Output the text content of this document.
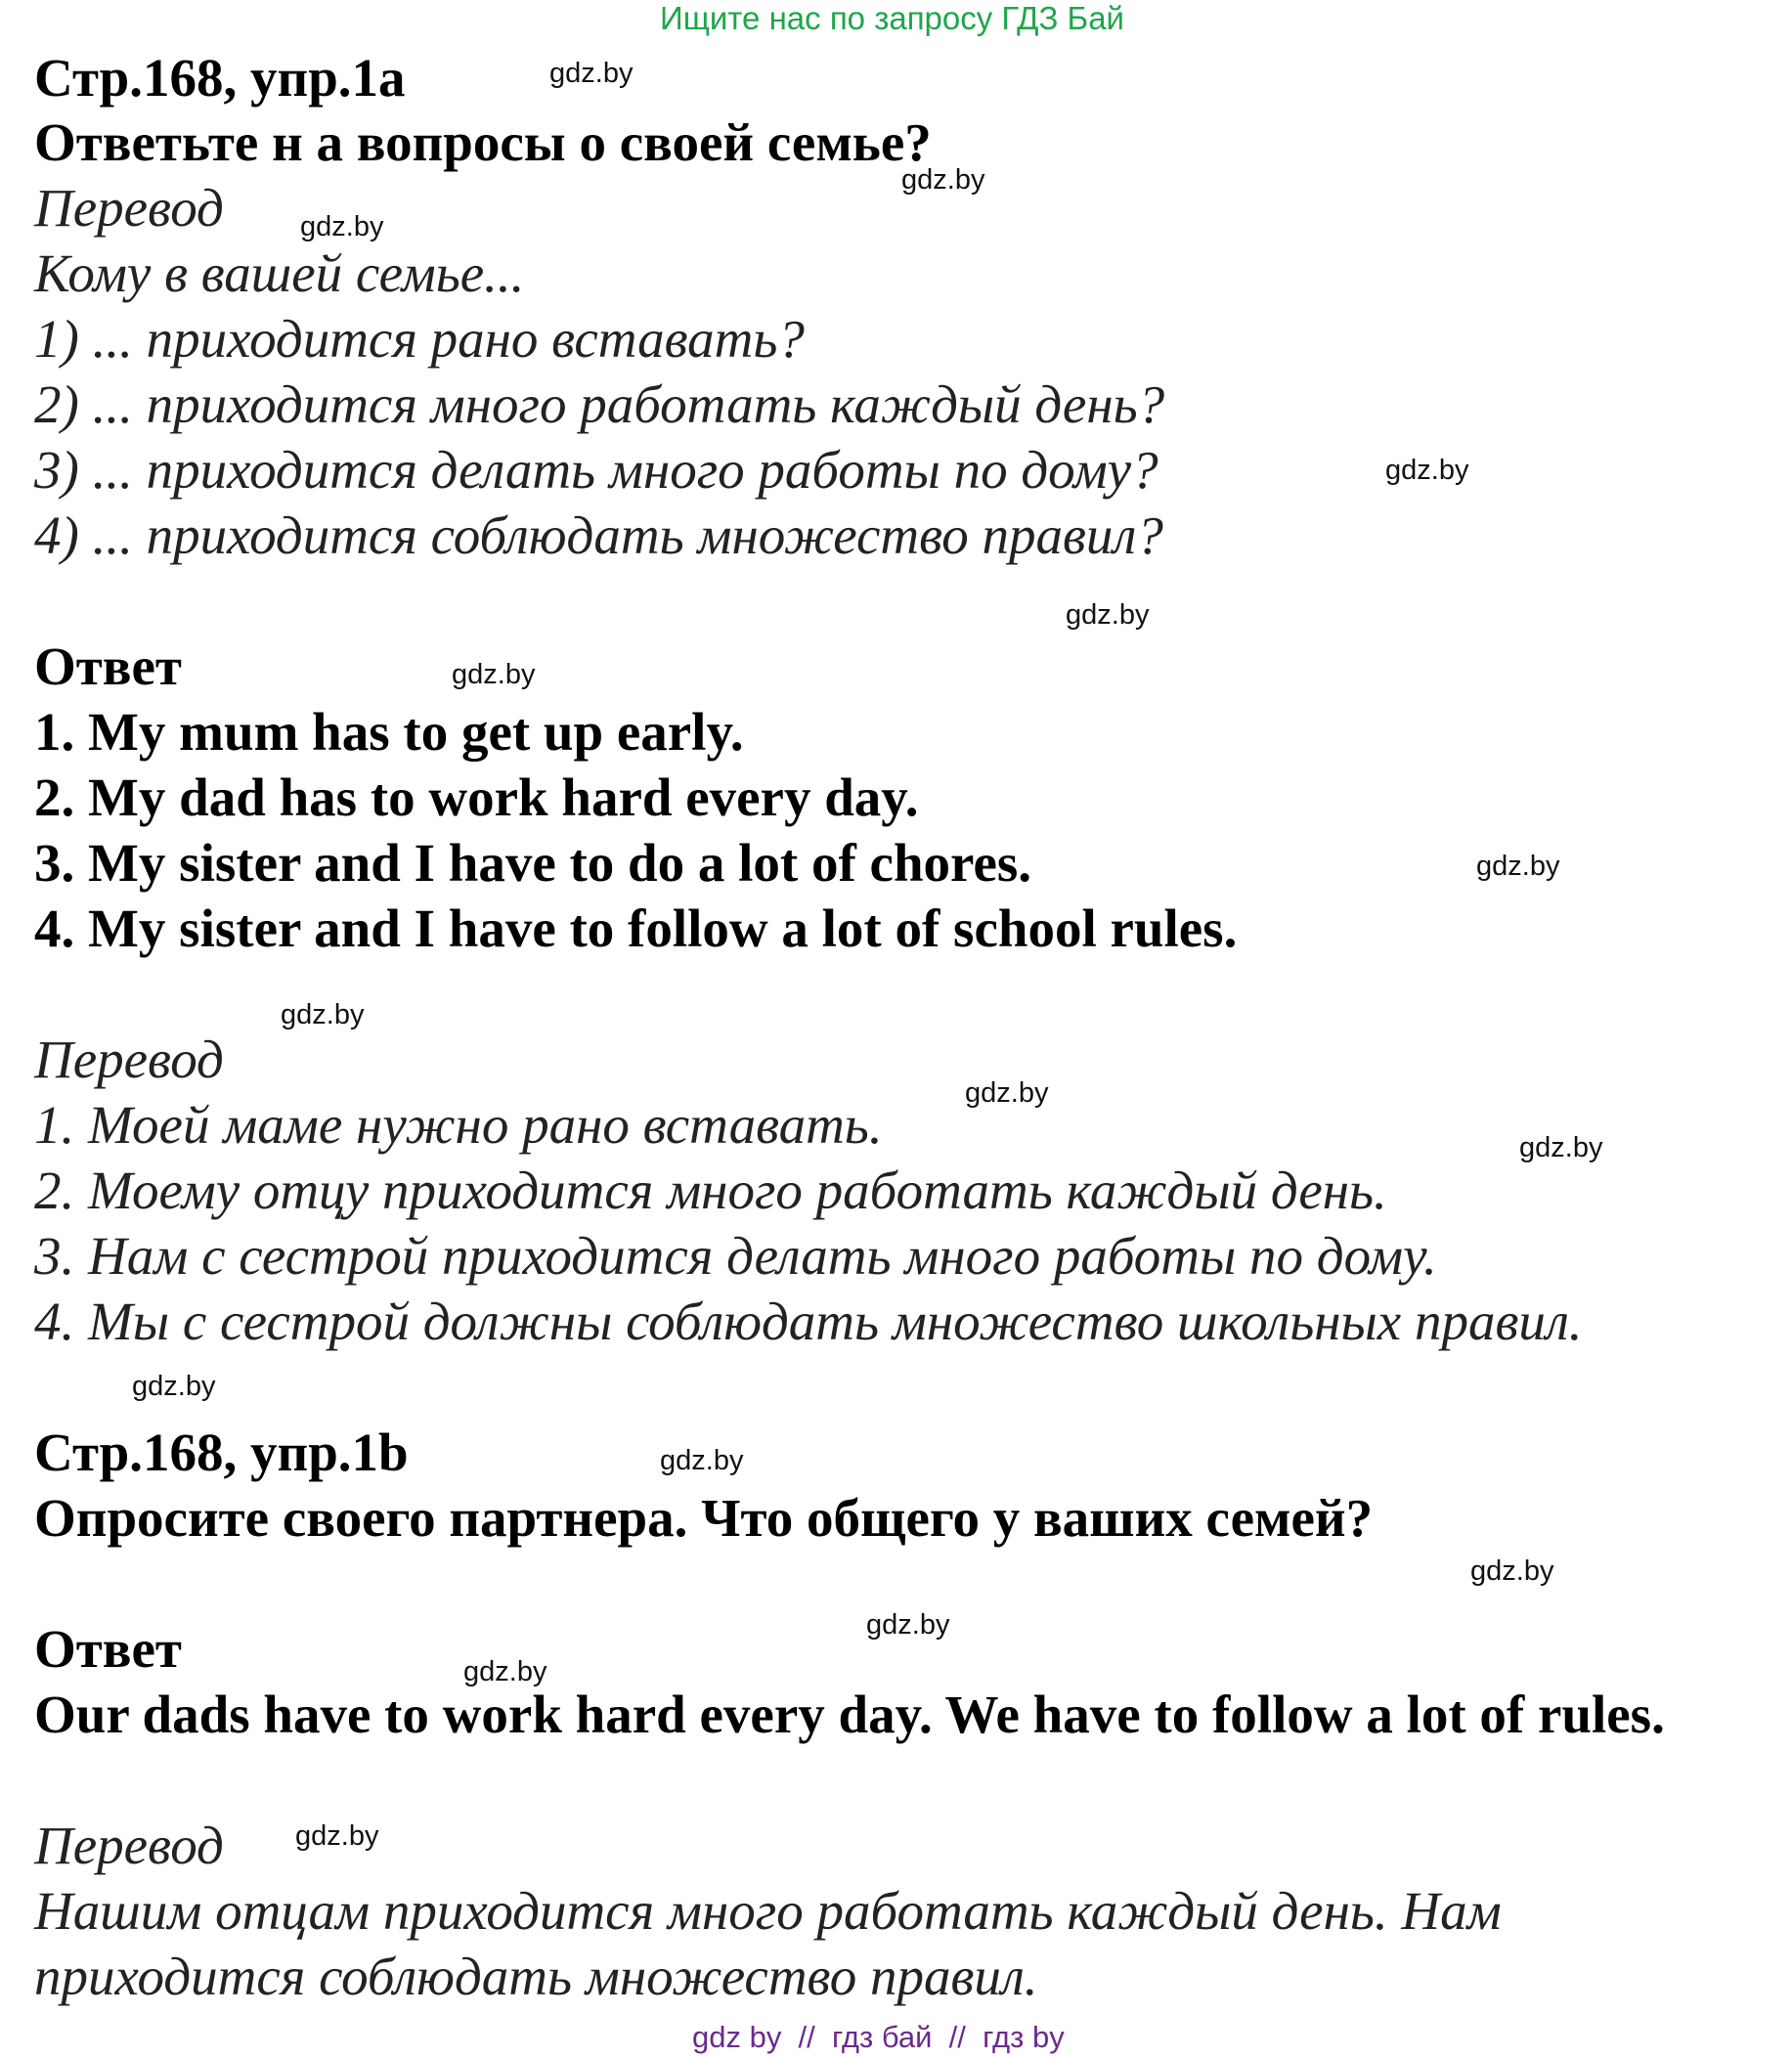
Ищите нас по запросу ГДЗ Бай
Стр.168, упр.1a
Ответьте н а вопросы о своей семье?
Перевод
Кому в вашей семье...
1) ... приходится рано вставать?
2) ... приходится много работать каждый день?
3) ... приходится делать много работы по дому?
4) ... приходится соблюдать множество правил?
Ответ
1. My mum has to get up early.
2. My dad has to work hard every day.
3. My sister and I have to do a lot of chores.
4. My sister and I have to follow a lot of school rules.
Перевод
1. Моей маме нужно рано вставать.
2. Моему отцу приходится много работать каждый день.
3. Нам с сестрой приходится делать много работы по дому.
4. Мы с сестрой должны соблюдать множество школьных правил.
Стр.168, упр.1b
Опросите своего партнера. Что общего у ваших семей?
Ответ
Our dads have to work hard every day. We have to follow a lot of rules.
Перевод
Нашим отцам приходится много работать каждый день. Нам
приходится соблюдать множество правил.
gdz.by
gdz.by
gdz.by
gdz.by
gdz.by
gdz.by
gdz.by
gdz.by
gdz.by
gdz.by
gdz.by
gdz.by
gdz.by
gdz.by
gdz.by
gdz.by
gdz by  //  гдз бай  //  гдз by
